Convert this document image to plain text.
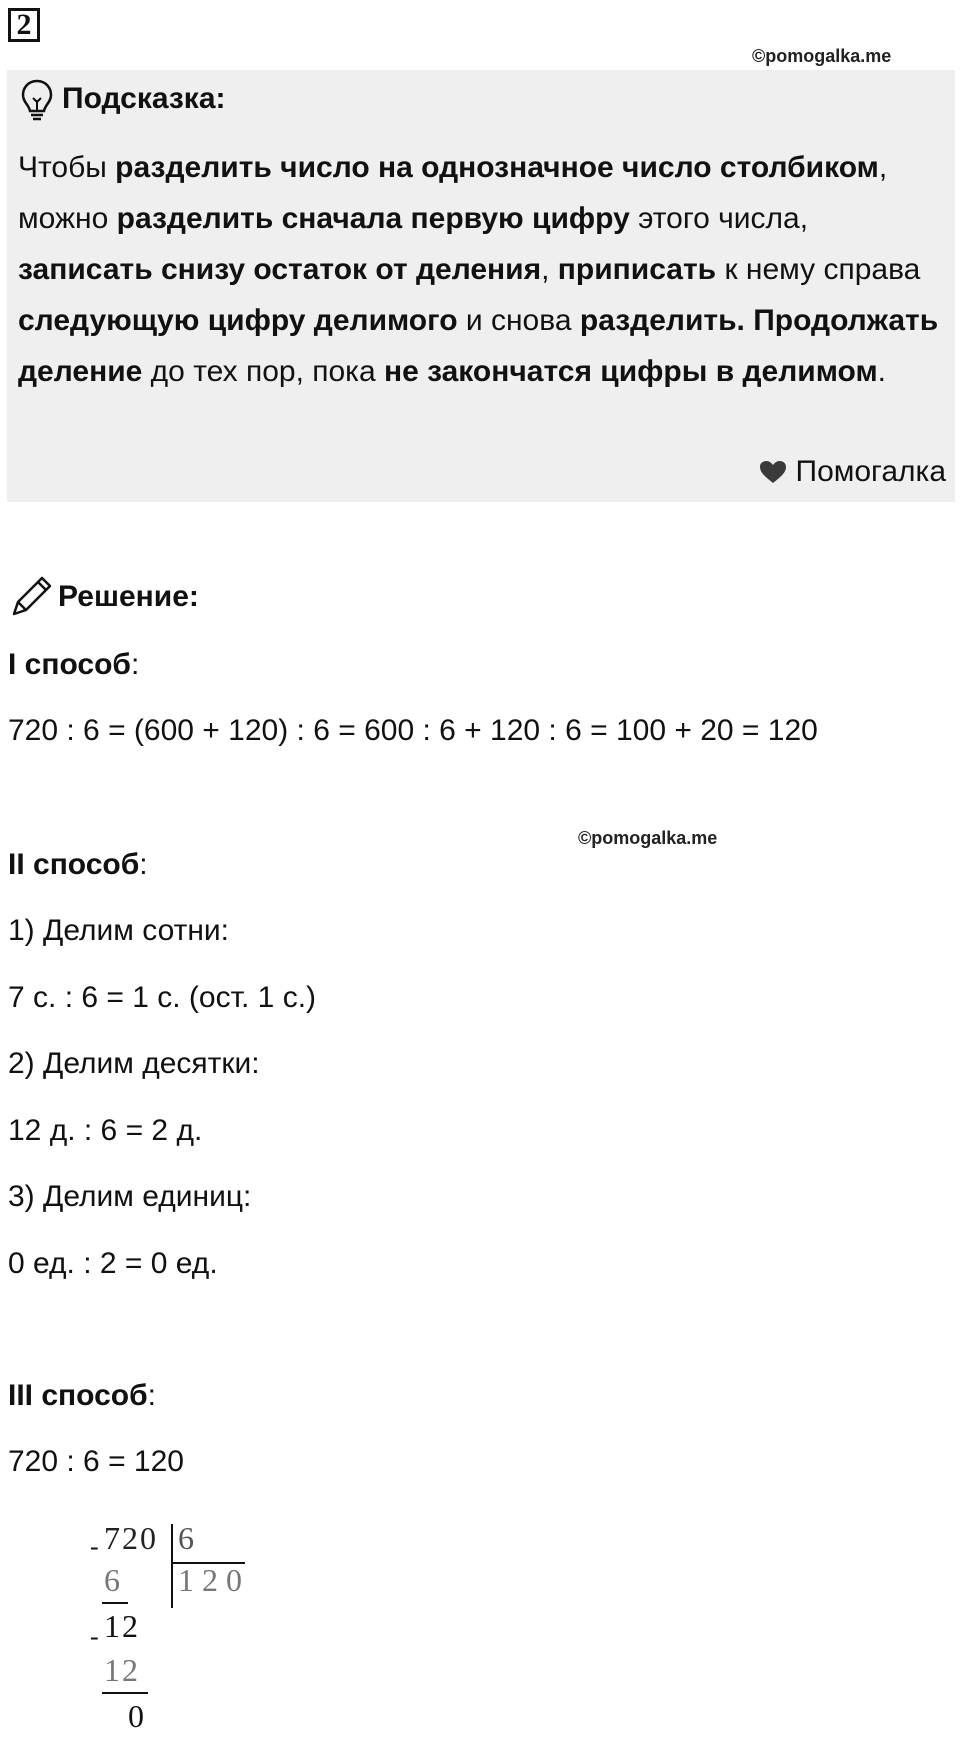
2
©pomogalka.me
Подсказка:
Чтобы разделить число на однозначное число столбиком, можно разделить сначала первую цифру этого числа, записать снизу остаток от деления, приписать к нему справа следующую цифру делимого и снова разделить. Продолжать деление до тех пор, пока не закончатся цифры в делимом.
Помогалка
Решение:
I способ:
720 : 6 = (600 + 120) : 6 = 600 : 6 + 120 : 6 = 100 + 20 = 120
©pomogalka.me
II способ:
1) Делим сотни:
7 с. : 6 = 1 с. (ост. 1 с.)
2) Делим десятки:
12 д. : 6 = 2 д.
3) Делим единиц:
0 ед. : 2 = 0 ед.
III способ:
720 : 6 = 120
720 6
1 2 0
-
6
12
-
12
0
